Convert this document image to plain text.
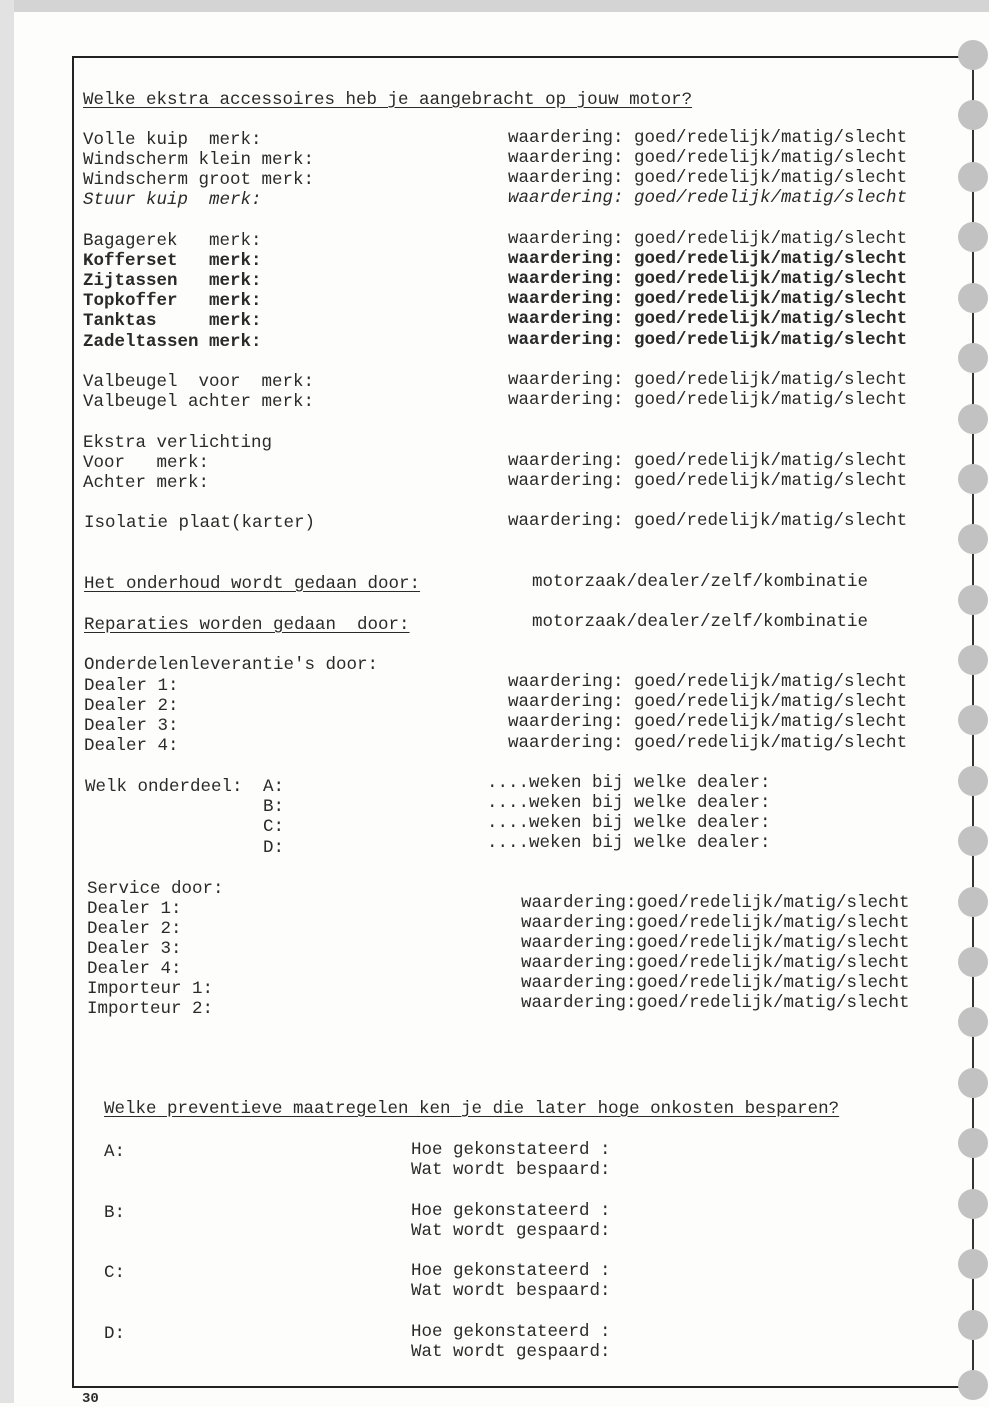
Welke ekstra accessoires heb je aangebracht op jouw motor?
Volle kuip  merk:	waardering: goed/redelijk/matig/slecht
Windscherm klein merk:	waardering: goed/redelijk/matig/slecht
Windscherm groot merk:	waardering: goed/redelijk/matig/slecht
Stuur kuip  merk:	waardering: goed/redelijk/matig/slecht
Bagagerek   merk:	waardering: goed/redelijk/matig/slecht
Kofferset   merk:	waardering: goed/redelijk/matig/slecht
Zijtassen   merk:	waardering: goed/redelijk/matig/slecht
Topkoffer   merk:	waardering: goed/redelijk/matig/slecht
Tanktas     merk:	waardering: goed/redelijk/matig/slecht
Zadeltassen merk:	waardering: goed/redelijk/matig/slecht
Valbeugel  voor  merk:	waardering: goed/redelijk/matig/slecht
Valbeugel achter merk:	waardering: goed/redelijk/matig/slecht
Ekstra verlichting
Voor   merk:	waardering: goed/redelijk/matig/slecht
Achter merk:	waardering: goed/redelijk/matig/slecht
Isolatie plaat(karter)	waardering: goed/redelijk/matig/slecht
Het onderhoud wordt gedaan door:	motorzaak/dealer/zelf/kombinatie
Reparaties worden gedaan  door:	motorzaak/dealer/zelf/kombinatie
Onderdelenleverantie's door:
Dealer 1:	waardering: goed/redelijk/matig/slecht
Dealer 2:	waardering: goed/redelijk/matig/slecht
Dealer 3:	waardering: goed/redelijk/matig/slecht
Dealer 4:	waardering: goed/redelijk/matig/slecht
Welk onderdeel: A:	....weken bij welke dealer:
B:	....weken bij welke dealer:
C:	....weken bij welke dealer:
D:	....weken bij welke dealer:
Service door:
Dealer 1:	waardering:goed/redelijk/matig/slecht
Dealer 2:	waardering:goed/redelijk/matig/slecht
Dealer 3:	waardering:goed/redelijk/matig/slecht
Dealer 4:	waardering:goed/redelijk/matig/slecht
Importeur 1:	waardering:goed/redelijk/matig/slecht
Importeur 2:	waardering:goed/redelijk/matig/slecht
Welke preventieve maatregelen ken je die later hoge onkosten besparen?
A:	Hoe gekonstateerd :
Wat wordt bespaard:
B:	Hoe gekonstateerd :
Wat wordt gespaard:
C:	Hoe gekonstateerd :
Wat wordt bespaard:
D:	Hoe gekonstateerd :
Wat wordt gespaard:
30
